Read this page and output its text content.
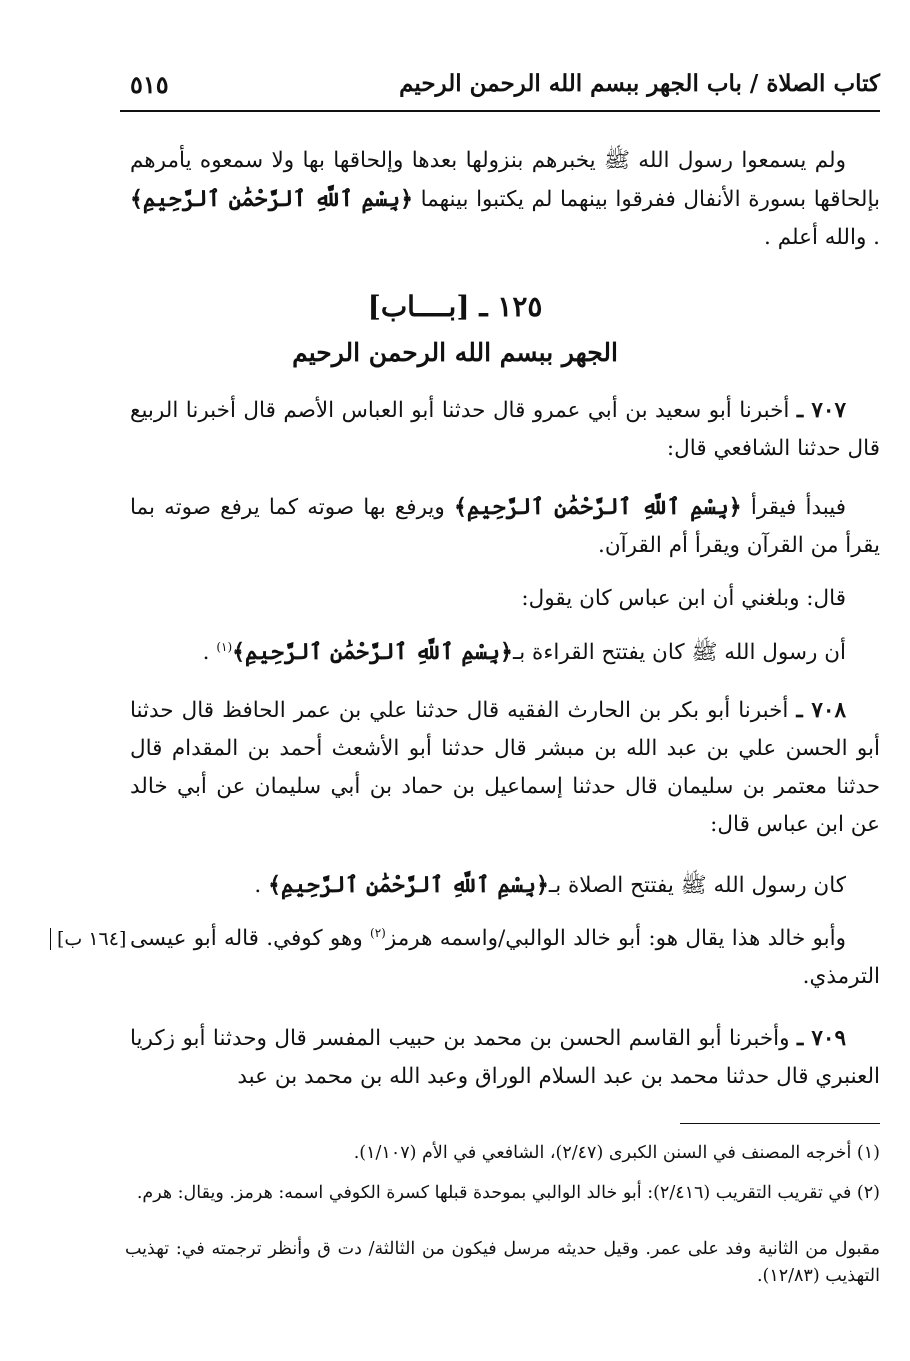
كتاب الصلاة / باب الجهر ببسم الله الرحمن الرحيم
٥١٥
ولم يسمعوا رسول الله ﷺ يخبرهم بنزولها بعدها وإلحاقها بها ولا سمعوه يأمرهم بإلحاقها بسورة الأنفال ففرقوا بينهما لم يكتبوا بينهما ﴿بِسْمِ ٱللَّهِ ٱلرَّحْمَٰنِ ٱلرَّحِيمِ﴾ . والله أعلم .
١٢٥ ـ [بــــاب]
الجهر ببسم الله الرحمن الرحيم
٧٠٧ ـ أخبرنا أبو سعيد بن أبي عمرو قال حدثنا أبو العباس الأصم قال أخبرنا الربيع قال حدثنا الشافعي قال:
فيبدأ فيقرأ ﴿بِسْمِ ٱللَّهِ ٱلرَّحْمَٰنِ ٱلرَّحِيمِ﴾ ويرفع بها صوته كما يرفع صوته بما يقرأ من القرآن ويقرأ أم القرآن.
قال: وبلغني أن ابن عباس كان يقول:
أن رسول الله ﷺ كان يفتتح القراءة بـ﴿بِسْمِ ٱللَّهِ ٱلرَّحْمَٰنِ ٱلرَّحِيمِ﴾$^{(١)}$ .
٧٠٨ ـ أخبرنا أبو بكر بن الحارث الفقيه قال حدثنا علي بن عمر الحافظ قال حدثنا أبو الحسن علي بن عبد الله بن مبشر قال حدثنا أبو الأشعث أحمد بن المقدام قال حدثنا معتمر بن سليمان قال حدثنا إسماعيل بن حماد بن أبي سليمان عن أبي خالد عن ابن عباس قال:
كان رسول الله ﷺ يفتتح الصلاة بـ﴿بِسْمِ ٱللَّهِ ٱلرَّحْمَٰنِ ٱلرَّحِيمِ﴾ .
وأبو خالد هذا يقال هو: أبو خالد الوالبي/واسمه هرمز$^{(٢)}$ وهو كوفي. قاله أبو عيسى الترمذي.
[١٦٤ ب]
٧٠٩ ـ وأخبرنا أبو القاسم الحسن بن محمد بن حبيب المفسر قال وحدثنا أبو زكريا العنبري قال حدثنا محمد بن عبد السلام الوراق وعبد الله بن محمد بن عبد
(١) أخرجه المصنف في السنن الكبرى (٢/٤٧)، الشافعي في الأم (١/١٠٧).
(٢) في تقريب التقريب (٢/٤١٦): أبو خالد الوالبي بموحدة قبلها كسرة الكوفي اسمه: هرمز. ويقال: هرم.
مقبول من الثانية وفد على عمر. وقيل حديثه مرسل فيكون من الثالثة/ دت ق وأنظر ترجمته في: تهذيب التهذيب (١٢/٨٣).
